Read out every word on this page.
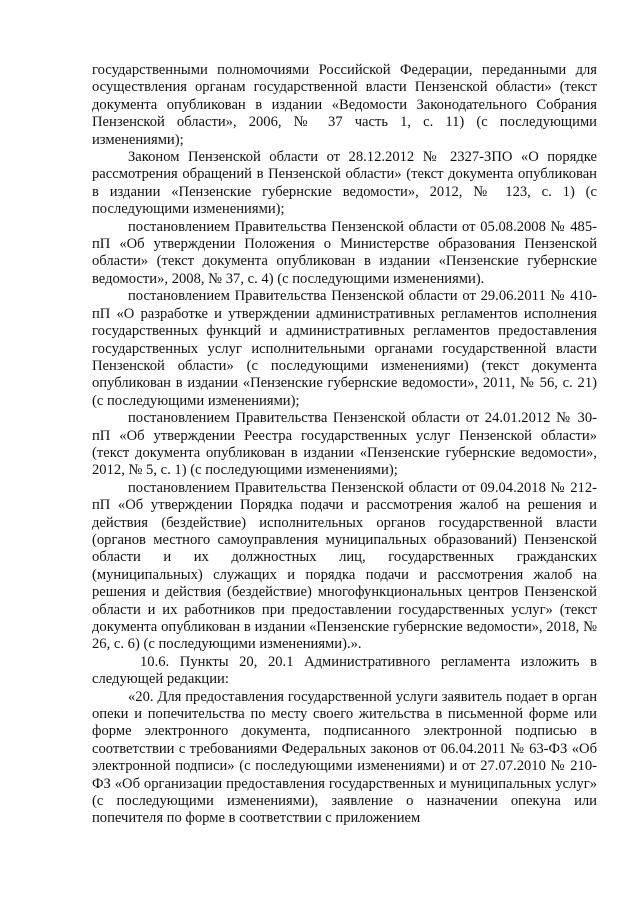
государственными полномочиями Российской Федерации, переданными для осуществления органам государственной власти Пензенской области» (текст документа опубликован в издании «Ведомости Законодательного Собрания Пензенской области», 2006, № 37 часть 1, с. 11) (с последующими изменениями);

Законом Пензенской области от 28.12.2012 № 2327-ЗПО «О порядке рассмотрения обращений в Пензенской области» (текст документа опубликован в издании «Пензенские губернские ведомости», 2012, № 123, с. 1) (с последующими изменениями);

постановлением Правительства Пензенской области от 05.08.2008 № 485-пП «Об утверждении Положения о Министерстве образования Пензенской области» (текст документа опубликован в издании «Пензенские губернские ведомости», 2008, № 37, с. 4) (с последующими изменениями).

постановлением Правительства Пензенской области от 29.06.2011 № 410-пП «О разработке и утверждении административных регламентов исполнения государственных функций и административных регламентов предоставления государственных услуг исполнительными органами государственной власти Пензенской области» (с последующими изменениями) (текст документа опубликован в издании «Пензенские губернские ведомости», 2011, № 56, с. 21) (с последующими изменениями);

постановлением Правительства Пензенской области от 24.01.2012 № 30-пП «Об утверждении Реестра государственных услуг Пензенской области» (текст документа опубликован в издании «Пензенские губернские ведомости», 2012, № 5, с. 1) (с последующими изменениями);

постановлением Правительства Пензенской области от 09.04.2018 № 212-пП «Об утверждении Порядка подачи и рассмотрения жалоб на решения и действия (бездействие) исполнительных органов государственной власти (органов местного самоуправления муниципальных образований) Пензенской области и их должностных лиц, государственных гражданских (муниципальных) служащих и порядка подачи и рассмотрения жалоб на решения и действия (бездействие) многофункциональных центров Пензенской области и их работников при предоставлении государственных услуг» (текст документа опубликован в издании «Пензенские губернские ведомости», 2018, № 26, с. 6) (с последующими изменениями).».

10.6. Пункты 20, 20.1 Административного регламента изложить в следующей редакции:

«20. Для предоставления государственной услуги заявитель подает в орган опеки и попечительства по месту своего жительства в письменной форме или форме электронного документа, подписанного электронной подписью в соответствии с требованиями Федеральных законов от 06.04.2011 № 63-ФЗ «Об электронной подписи» (с последующими изменениями) и от 27.07.2010 № 210-ФЗ «Об организации предоставления государственных и муниципальных услуг» (с последующими изменениями), заявление о назначении опекуна или попечителя по форме в соответствии с приложением
